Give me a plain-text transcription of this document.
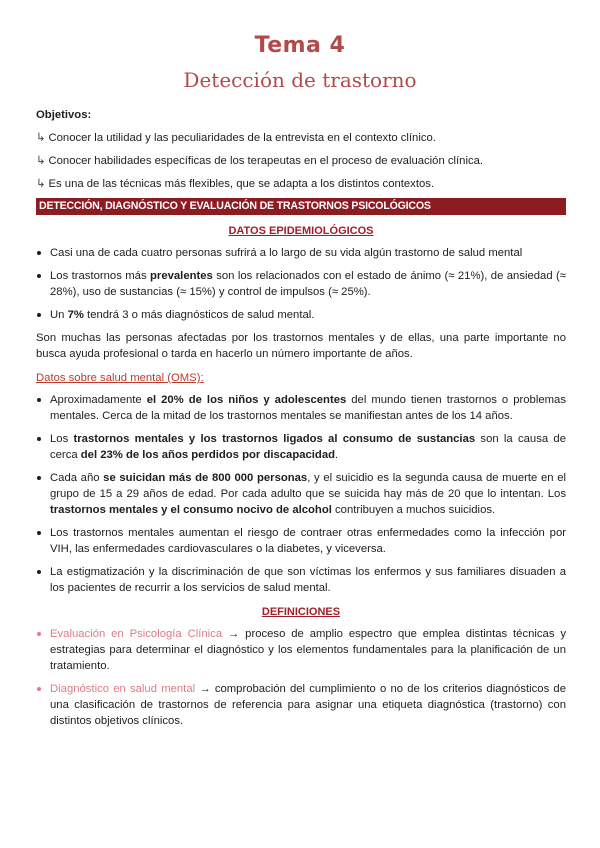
Tema 4
Detección de trastorno

Objetivos:

↳ Conocer la utilidad y las peculiaridades de la entrevista en el contexto clínico.

↳ Conocer habilidades específicas de los terapeutas en el proceso de evaluación clínica.

↳ Es una de las técnicas más flexibles, que se adapta a los distintos contextos.

DETECCIÓN, DIAGNÓSTICO Y EVALUACIÓN DE TRASTORNOS PSICOLÓGICOS
DATOS EPIDEMIOLÓGICOS
Casi una de cada cuatro personas sufrirá a lo largo de su vida algún trastorno de salud mental
Los trastornos más prevalentes son los relacionados con el estado de ánimo (≈ 21%), de ansiedad (≈ 28%), uso de sustancias (≈ 15%) y control de impulsos (≈ 25%).
Un 7% tendrá 3 o más diagnósticos de salud mental.

Son muchas las personas afectadas por los trastornos mentales y de ellas, una parte importante no busca ayuda profesional o tarda en hacerlo un número importante de años.

Datos sobre salud mental (OMS):
Aproximadamente el 20% de los niños y adolescentes del mundo tienen trastornos o problemas mentales. Cerca de la mitad de los trastornos mentales se manifiestan antes de los 14 años.
Los trastornos mentales y los trastornos ligados al consumo de sustancias son la causa de cerca del 23% de los años perdidos por discapacidad.
Cada año se suicidan más de 800 000 personas, y el suicidio es la segunda causa de muerte en el grupo de 15 a 29 años de edad. Por cada adulto que se suicida hay más de 20 que lo intentan. Los trastornos mentales y el consumo nocivo de alcohol contribuyen a muchos suicidios.
Los trastornos mentales aumentan el riesgo de contraer otras enfermedades como la infección por VIH, las enfermedades cardiovasculares o la diabetes, y viceversa.
La estigmatización y la discriminación de que son víctimas los enfermos y sus familiares disuaden a los pacientes de recurrir a los servicios de salud mental.
DEFINICIONES
Evaluación en Psicología Clínica → proceso de amplio espectro que emplea distintas técnicas y estrategias para determinar el diagnóstico y los elementos fundamentales para la planificación de un tratamiento.
Diagnóstico en salud mental → comprobación del cumplimiento o no de los criterios diagnósticos de una clasificación de trastornos de referencia para asignar una etiqueta diagnóstica (trastorno) con distintos objetivos clínicos.
